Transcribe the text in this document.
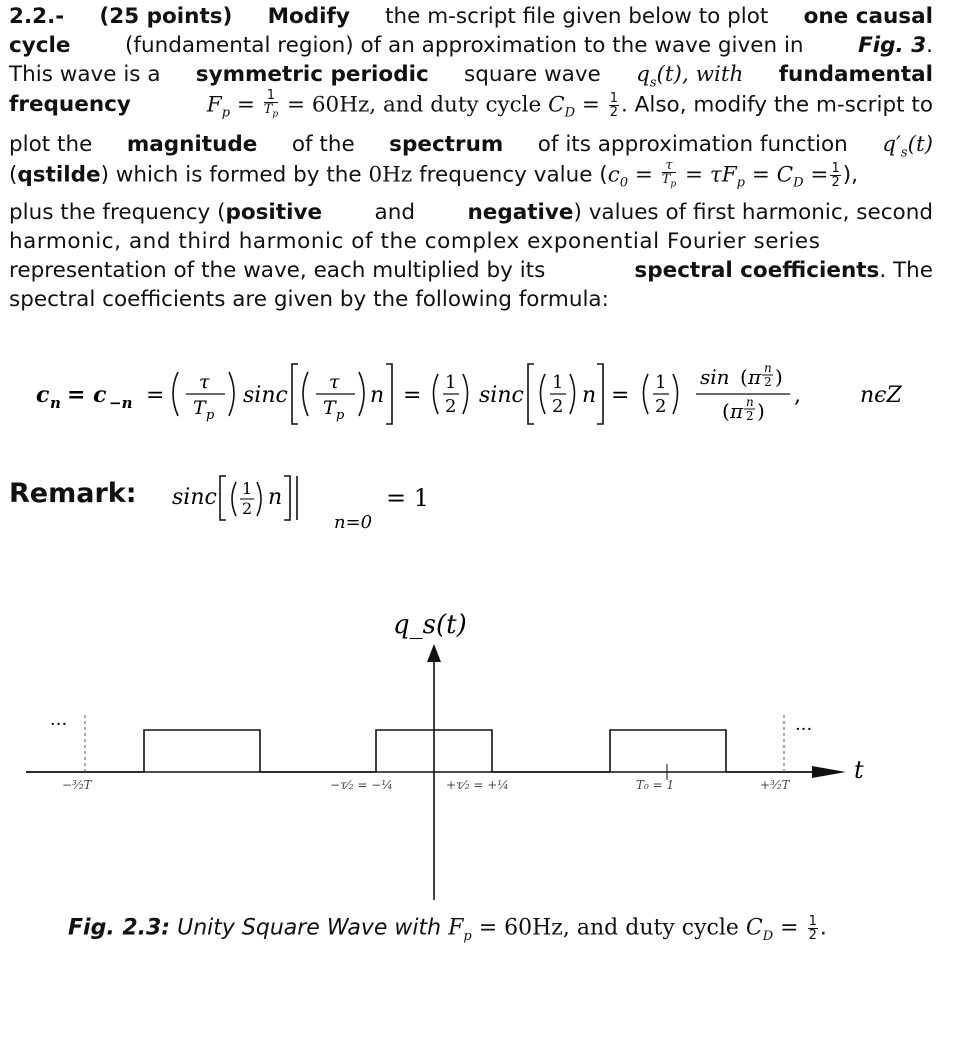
2.2.- (25 points) Modify the m-script file given below to plot one causal
cycle	(fundamental region) of an approximation to the wave given in	Fig. 3.
This wave is a symmetric periodic square wave $q_s(t)$, with fundamental
frequency	$F_p = \frac{1}{T_p} = 60Hz$, and duty cycle $C_D = \frac{1}{2}$ . Also, modify the m-script to
plot the magnitude of the spectrum of its approximation function $q'_s(t)$
(qstilde) which is formed by the 0Hz frequency value ($c_0 = \frac{\tau}{T_p} = \tau F_p = C_D = \frac{1}{2}$ ),
plus the frequency (positive and negative) values of first harmonic, second
harmonic, and third harmonic of the complex exponential Fourier series
representation of the wave, each multiplied by its	spectral coefficients. The
spectral coefficients are given by the following formula:
c n = c −n =
τ
T p
sinc
τ
T p
n =
1
2 sinc
1
2 n =
1
2
sin ( π n
2 )
( π n
2 )
,	nϵZ
Remark: sinc 1
2 n
n=0
= 1
q_s(t)
t
···	···
−³⁄₂T	−τ⁄₂ = −¼	+τ⁄₂ = +¼	T₀ = 1	+³⁄₂T
Fig. 2.3: Unity Square Wave with $F_p = 60Hz$, and duty cycle $C_D = \frac{1}{2}$ .
